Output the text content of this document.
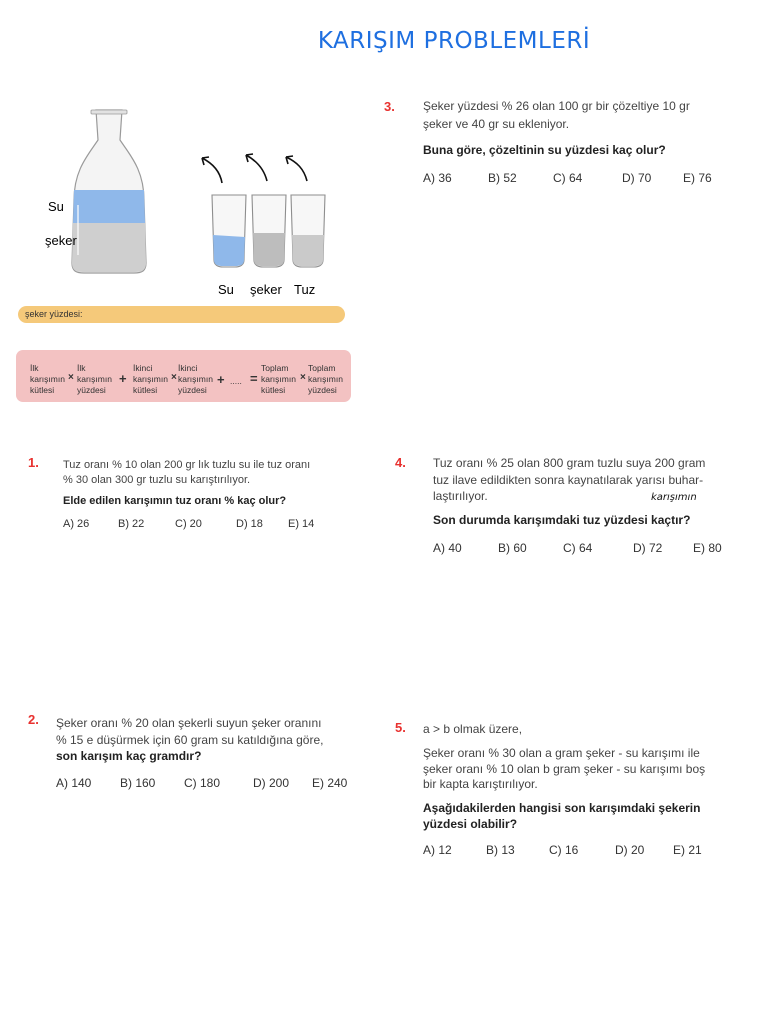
KARIŞIM PROBLEMLERİ
Su
şeker
Su şeker Tuz
şeker yüzdesi:
İlk
karışımın
kütlesi
×
İlk
karışımın
yüzdesi
+
İkinci
karışımın
kütlesi
×
İkinci
karışımın
yüzdesi
+ ..... =
Toplam
karışımın
kütlesi
×
Toplam
karışımın
yüzdesi
3. Şeker yüzdesi % 26 olan 100 gr bir çözeltiye 10 gr
şeker ve 40 gr su ekleniyor.
Buna göre, çözeltinin su yüzdesi kaç olur?
A) 36	B) 52	C) 64	D) 70	E) 76
1. Tuz oranı % 10 olan 200 gr lık tuzlu su ile tuz oranı
% 30 olan 300 gr tuzlu su karıştırılıyor.
Elde edilen karışımın tuz oranı % kaç olur?
A) 26	B) 22	C) 20	D) 18 E) 14
4. Tuz oranı % 25 olan 800 gram tuzlu suya 200 gram
tuz ilave edildikten sonra kaynatılarak yarısı buhar-
laştırılıyor.	karışımın
Son durumda karışımdaki tuz yüzdesi kaçtır?
A) 40	B) 60	C) 64	D) 72	E) 80
2. Şeker oranı % 20 olan şekerli suyun şeker oranını
% 15 e düşürmek için 60 gram su katıldığına göre,
son karışım kaç gramdır?
A) 140 B) 160 C) 180	D) 200 E) 240
5. a > b olmak üzere,
Şeker oranı % 30 olan a gram şeker - su karışımı ile
şeker oranı % 10 olan b gram şeker - su karışımı boş
bir kapta karıştırılıyor.
Aşağıdakilerden hangisi son karışımdaki şekerin
yüzdesi olabilir?
A) 12	B) 13	C) 16	D) 20 E) 21
